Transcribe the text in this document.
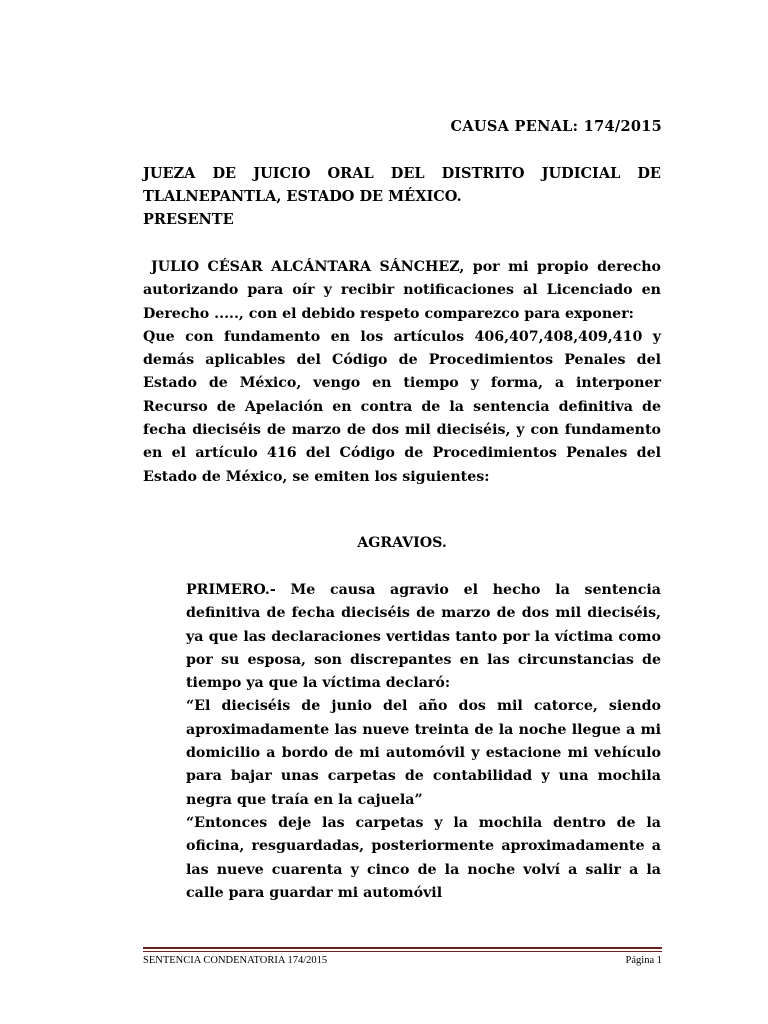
CAUSA PENAL: 174/2015
JUEZA DE JUICIO ORAL DEL DISTRITO JUDICIAL DE
TLALNEPANTLA, ESTADO DE MÉXICO.
PRESENTE

JULIO CÉSAR ALCÁNTARA SÁNCHEZ, por mi propio derecho autorizando para oír y recibir notificaciones al Licenciado en Derecho ....., con el debido respeto comparezco para exponer:

Que con fundamento en los artículos 406,407,408,409,410 y demás aplicables del Código de Procedimientos Penales del Estado de México, vengo en tiempo y forma, a interponer Recurso de Apelación en contra de la sentencia definitiva de fecha dieciséis de marzo de dos mil dieciséis, y con fundamento en el artículo 416 del Código de Procedimientos Penales del Estado de México, se emiten los siguientes:

AGRAVIOS.

PRIMERO.- Me causa agravio el hecho la sentencia definitiva de fecha dieciséis de marzo de dos mil dieciséis, ya que las declaraciones vertidas tanto por la víctima como por su esposa, son discrepantes en las circunstancias de tiempo ya que la víctima declaró:

“El dieciséis de junio del año dos mil catorce, siendo aproximadamente las nueve treinta de la noche llegue a mi domicilio a bordo de mi automóvil y estacione mi vehículo para bajar unas carpetas de contabilidad y una mochila negra que traía en la cajuela”

“Entonces deje las carpetas y la mochila dentro de la oficina, resguardadas, posteriormente aproximadamente a las nueve cuarenta y cinco de la noche volví a salir a la calle para guardar mi automóvil

SENTENCIA CONDENATORIA 174/2015	Página 1
